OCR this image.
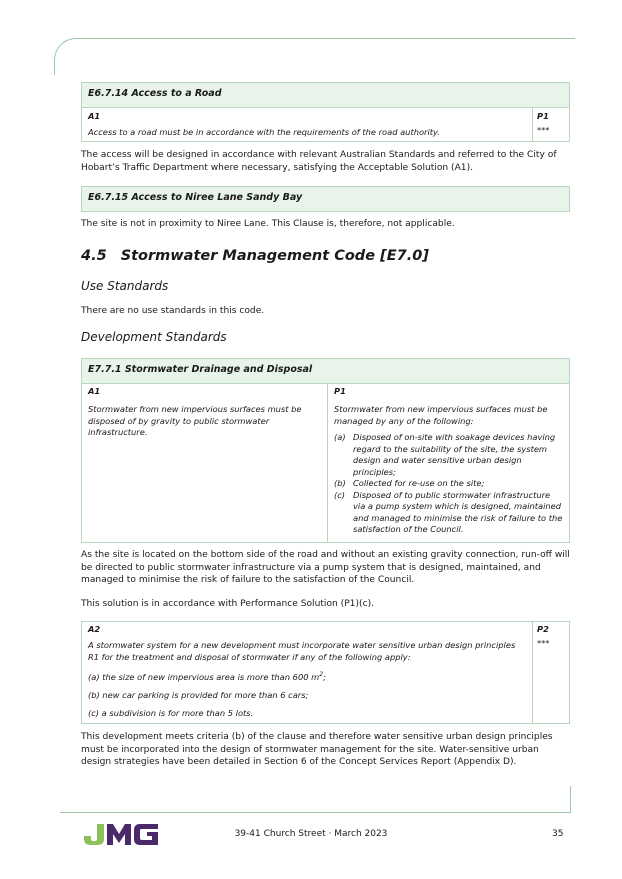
E6.7.14 Access to a Road
A1
Access to a road must be in accordance with the requirements of the road authority.
P1
***
The access will be designed in accordance with relevant Australian Standards and referred to the City of Hobart’s Traffic Department where necessary, satisfying the Acceptable Solution (A1).
E6.7.15 Access to Niree Lane Sandy Bay
The site is not in proximity to Niree Lane. This Clause is, therefore, not applicable.
4.5 Stormwater Management Code [E7.0]
Use Standards
There are no use standards in this code.
Development Standards
E7.7.1 Stormwater Drainage and Disposal
A1
Stormwater from new impervious surfaces must be disposed of by gravity to public stormwater infrastructure.
P1
Stormwater from new impervious surfaces must be managed by any of the following:
(a) Disposed of on-site with soakage devices having regard to the suitability of the site, the system design and water sensitive urban design principles;
(b) Collected for re-use on the site;
(c) Disposed of to public stormwater infrastructure via a pump system which is designed, maintained and managed to minimise the risk of failure to the satisfaction of the Council.
As the site is located on the bottom side of the road and without an existing gravity connection, run-off will be directed to public stormwater infrastructure via a pump system that is designed, maintained, and managed to minimise the risk of failure to the satisfaction of the Council.
This solution is in accordance with Performance Solution (P1)(c).
A2
A stormwater system for a new development must incorporate water sensitive urban design principles R1 for the treatment and disposal of stormwater if any of the following apply:
(a) the size of new impervious area is more than 600 $m^2$;
(b) new car parking is provided for more than 6 cars;
(c) a subdivision is for more than 5 lots.
P2
***
This development meets criteria (b) of the clause and therefore water sensitive urban design principles must be incorporated into the design of stormwater management for the site. Water-sensitive urban design strategies have been detailed in Section 6 of the Concept Services Report (Appendix D).
39-41 Church Street · March 2023	35
